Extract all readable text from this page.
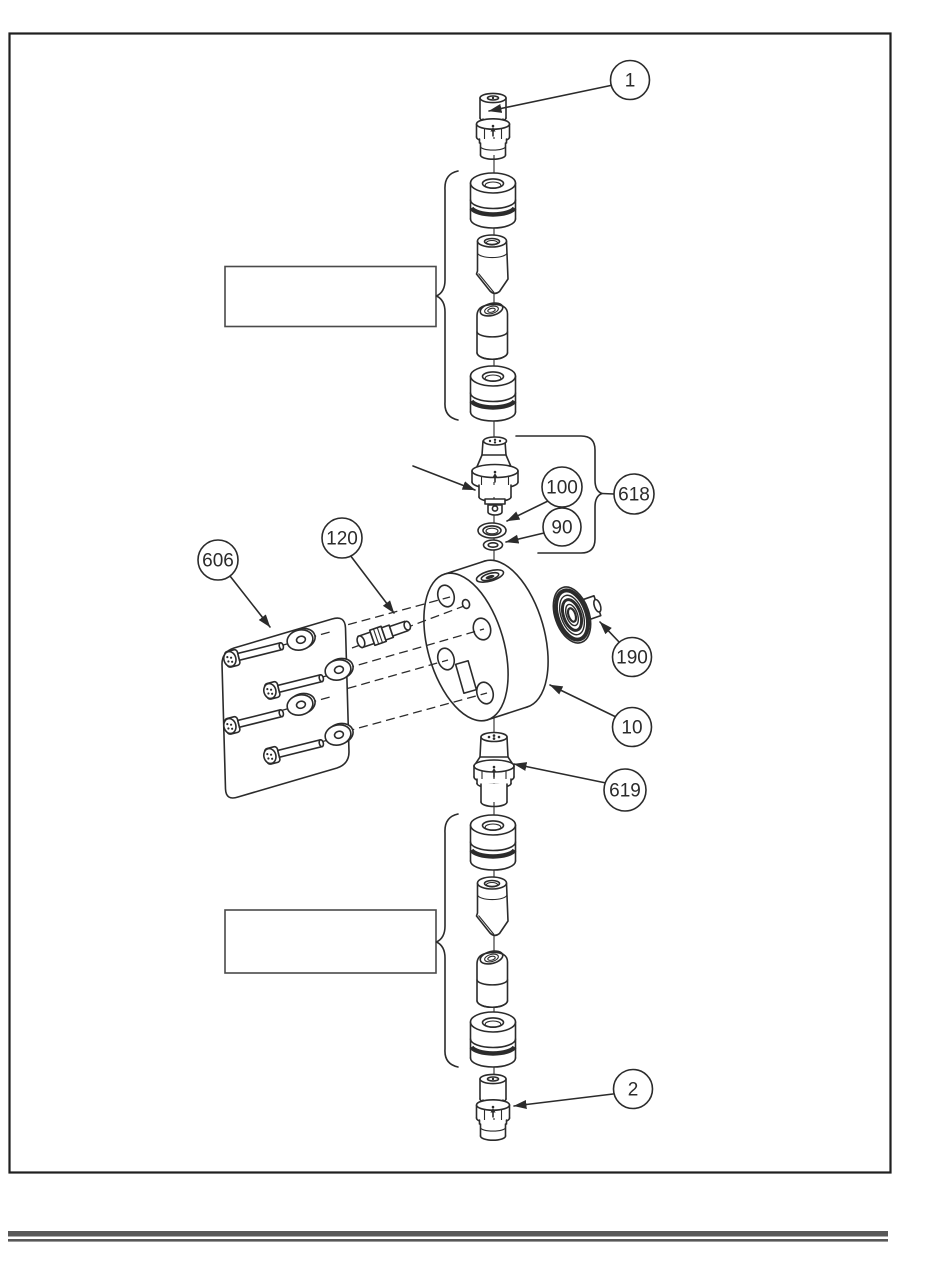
1
606
120
100
90
618
190
10
619
2
